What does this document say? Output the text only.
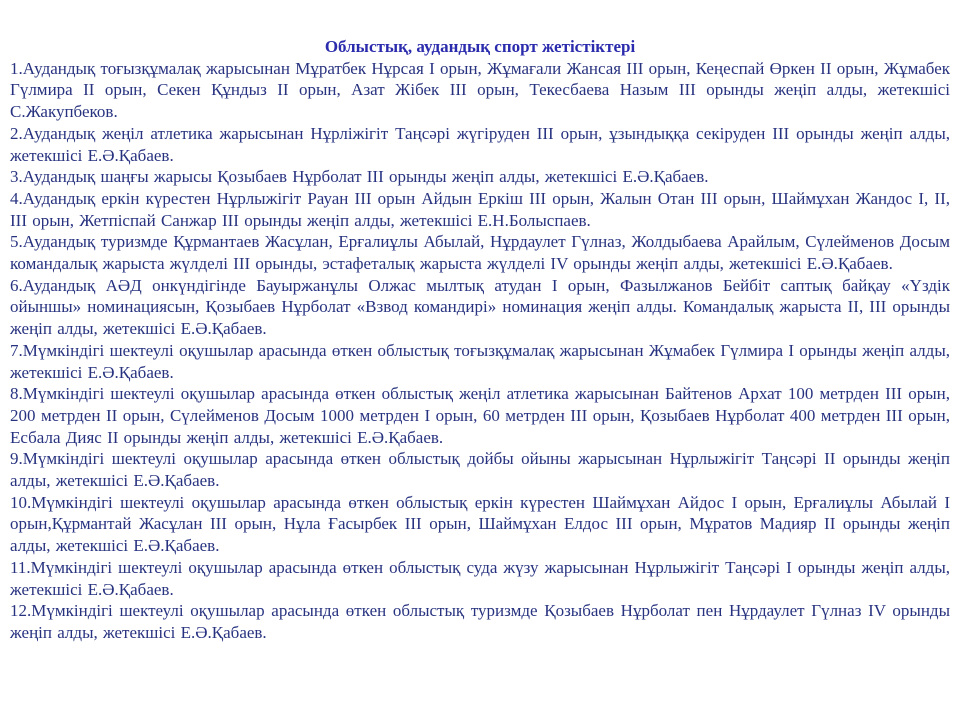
Облыстық, аудандық спорт жетістіктері

1.Аудандық тоғызқұмалақ жарысынан Мұратбек Нұрсая I орын, Жұмағали Жансая III орын, Кеңеспай Өркен II орын, Жұмабек Гүлмира II орын, Секен Құндыз II орын, Азат Жібек III орын, Текесбаева Назым III орынды жеңіп алды, жетекшісі С.Жакупбеков.

2.Аудандық жеңіл атлетика жарысынан Нұрліжігіт Таңсәрі жүгіруден III орын, ұзындыққа секіруден III орынды жеңіп алды, жетекшісі Е.Ә.Қабаев.

3.Аудандық шаңғы жарысы Қозыбаев Нұрболат III орынды жеңіп алды, жетекшісі Е.Ә.Қабаев.

4.Аудандық еркін күрестен Нұрлыжігіт Рауан III орын Айдын Еркіш III орын, Жалын Отан III орын, Шаймұхан Жандос I, II, III орын, Жетпіспай Санжар III орынды жеңіп алды, жетекшісі Е.Н.Болыспаев.

5.Аудандық туризмде Құрмантаев Жасұлан, Ерғалиұлы Абылай, Нұрдаулет Гүлназ, Жолдыбаева Арайлым, Сүлейменов Досым командалық жарыста жүлделі III орынды, эстафеталық жарыста жүлделі IV орынды жеңіп алды, жетекшісі Е.Ә.Қабаев.

6.Аудандық АӘД онкүндігінде Бауыржанұлы Олжас мылтық атудан I орын, Фазылжанов Бейбіт саптық байқау «Үздік ойыншы» номинациясын, Қозыбаев Нұрболат «Взвод командирі» номинация жеңіп алды. Командалық жарыста II, III орынды жеңіп алды, жетекшісі Е.Ә.Қабаев.

7.Мүмкіндігі шектеулі оқушылар арасында өткен облыстық тоғызқұмалақ жарысынан Жұмабек Гүлмира I орынды жеңіп алды, жетекшісі Е.Ә.Қабаев.

8.Мүмкіндігі шектеулі оқушылар арасында өткен облыстық жеңіл атлетика жарысынан Байтенов Архат 100 метрден III орын, 200 метрден II орын, Сүлейменов Досым 1000 метрден I орын, 60 метрден III орын, Қозыбаев Нұрболат 400 метрден III орын, Есбала Дияс II орынды жеңіп алды, жетекшісі Е.Ә.Қабаев.

9.Мүмкіндігі шектеулі оқушылар арасында өткен облыстық дойбы ойыны жарысынан Нұрлыжігіт Таңсәрі II орынды жеңіп алды, жетекшісі Е.Ә.Қабаев.

10.Мүмкіндігі шектеулі оқушылар арасында өткен облыстық еркін күрестен Шаймұхан Айдос I орын, Ерғалиұлы Абылай I орын,Құрмантай Жасұлан III орын, Нұла Ғасырбек III орын, Шаймұхан Елдос III орын, Мұратов Мадияр II орынды жеңіп алды, жетекшісі Е.Ә.Қабаев.

11.Мүмкіндігі шектеулі оқушылар арасында өткен облыстық суда жүзу жарысынан Нұрлыжігіт Таңсәрі I орынды жеңіп алды, жетекшісі Е.Ә.Қабаев.

12.Мүмкіндігі шектеулі оқушылар арасында өткен облыстық туризмде Қозыбаев Нұрболат пен Нұрдаулет Гүлназ IV орынды жеңіп алды, жетекшісі Е.Ә.Қабаев.
